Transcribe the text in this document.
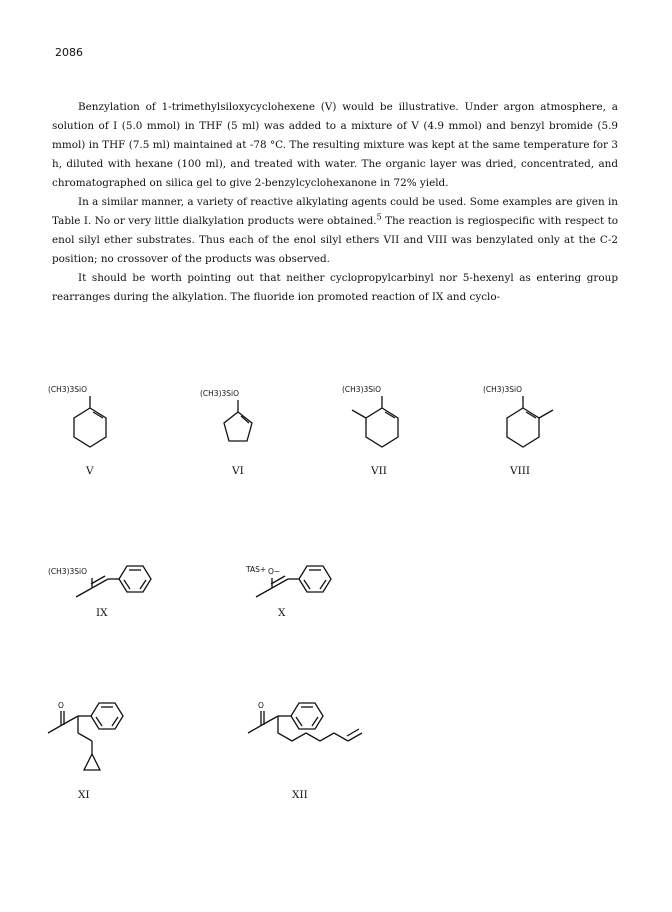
2086

Benzylation of 1-trimethylsiloxycyclohexene (V) would be illustrative. Under argon atmosphere, a solution of I (5.0 mmol) in THF (5 ml) was added to a mixture of V (4.9 mmol) and benzyl bromide (5.9 mmol) in THF (7.5 ml) maintained at -78 °C. The resulting mixture was kept at the same temperature for 3 h, diluted with hexane (100 ml), and treated with water. The organic layer was dried, concentrated, and chromatographed on silica gel to give 2-benzylcyclohexanone in 72% yield.

In a similar manner, a variety of reactive alkylating agents could be used. Some examples are given in Table I. No or very little dialkylation products were obtained.$^5$ The reaction is regiospecific with respect to enol silyl ether substrates. Thus each of the enol silyl ethers VII and VIII was benzylated only at the C-2 position; no crossover of the products was observed.

It should be worth pointing out that neither cyclopropylcarbinyl nor 5-hexenyl as entering group rearranges during the alkylation. The fluoride ion promoted reaction of IX and cyclo-

(CH3)3SiO
V
(CH3)3SiO
VI
(CH3)3SiO
VII
(CH3)3SiO
VIII
(CH3)3SiO
IX
TAS+ O−
X
O
XI
O
XII
